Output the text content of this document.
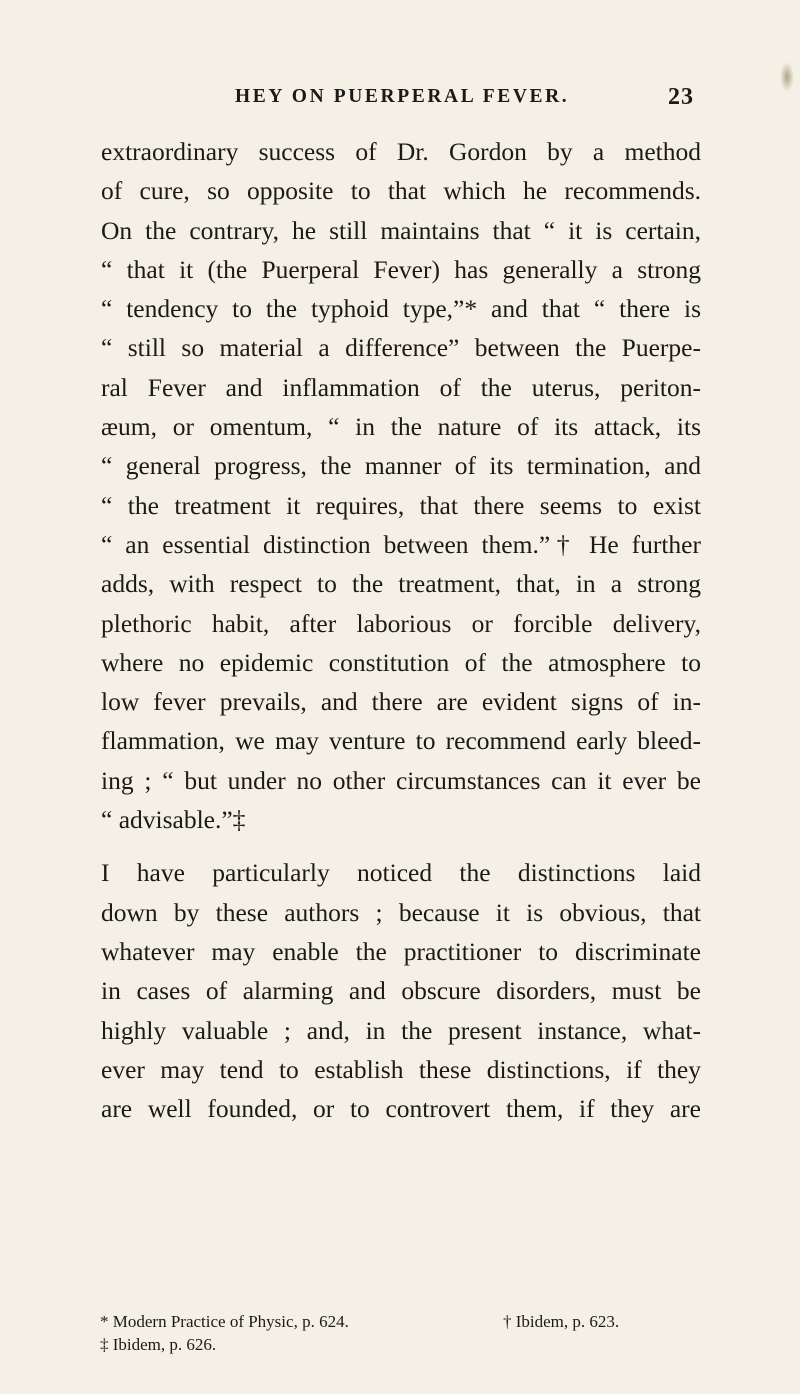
HEY ON PUERPERAL FEVER.	23
extraordinary success of Dr. Gordon by a method
of cure, so opposite to that which he recommends.
On the contrary, he still maintains that “ it is certain,
“ that it (the Puerperal Fever) has generally a strong
“ tendency to the typhoid type,”* and that “ there is
“ still so material a difference” between the Puerpe-
ral Fever and inflammation of the uterus, periton-
æum, or omentum, “ in the nature of its attack, its
“ general progress, the manner of its termination, and
“ the treatment it requires, that there seems to exist
“ an essential distinction between them.”† He further
adds, with respect to the treatment, that, in a strong
plethoric habit, after laborious or forcible delivery,
where no epidemic constitution of the atmosphere to
low fever prevails, and there are evident signs of in-
flammation, we may venture to recommend early bleed-
ing ; “ but under no other circumstances can it ever be
“ advisable.”‡
I have particularly noticed the distinctions laid
down by these authors ; because it is obvious, that
whatever may enable the practitioner to discriminate
in cases of alarming and obscure disorders, must be
highly valuable ; and, in the present instance, what-
ever may tend to establish these distinctions, if they
are well founded, or to controvert them, if they are
* Modern Practice of Physic, p. 624.	† Ibidem, p. 623.
‡ Ibidem, p. 626.
